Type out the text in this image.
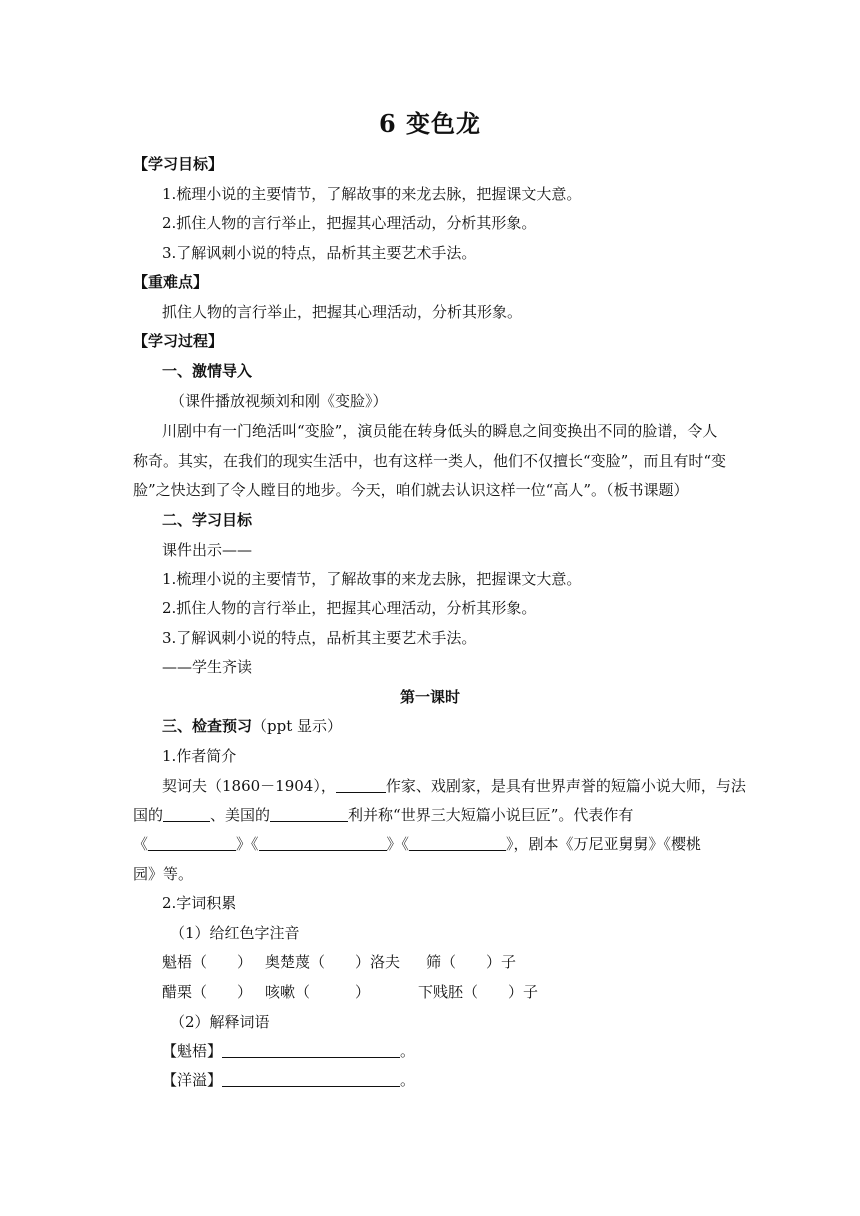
6 变色龙
【学习目标】
1.梳理小说的主要情节，了解故事的来龙去脉，把握课文大意。
2.抓住人物的言行举止，把握其心理活动，分析其形象。
3.了解讽刺小说的特点，品析其主要艺术手法。
【重难点】
抓住人物的言行举止，把握其心理活动，分析其形象。
【学习过程】
一、激情导入
（课件播放视频刘和刚《变脸》）
川剧中有一门绝活叫“变脸”，演员能在转身低头的瞬息之间变换出不同的脸谱，令人
称奇。其实，在我们的现实生活中，也有这样一类人，他们不仅擅长“变脸”，而且有时“变
脸”之快达到了令人瞠目的地步。今天，咱们就去认识这样一位“高人”。（板书课题）
二、学习目标
课件出示——
1.梳理小说的主要情节，了解故事的来龙去脉，把握课文大意。
2.抓住人物的言行举止，把握其心理活动，分析其形象。
3.了解讽刺小说的特点，品析其主要艺术手法。
——学生齐读
第一课时
三、检查预习（ppt 显示）
1.作者简介
契诃夫（1860－1904），	作家、戏剧家，是具有世界声誉的短篇小说大师，与法
国的	、美国的	利并称“世界三大短篇小说巨匠”。代表作有
《	》《	》《	》，剧本《万尼亚舅舅》《樱桃
园》等。
2.字词积累
（1）给红色字注音
魁梧（　　） 奥楚蔑（　　）洛夫 筛（　　）子
醋栗（　　） 咳嗽（　　　）	下贱胚（　　）子
（2）解释词语
【魁梧】	。
【洋溢】	。
